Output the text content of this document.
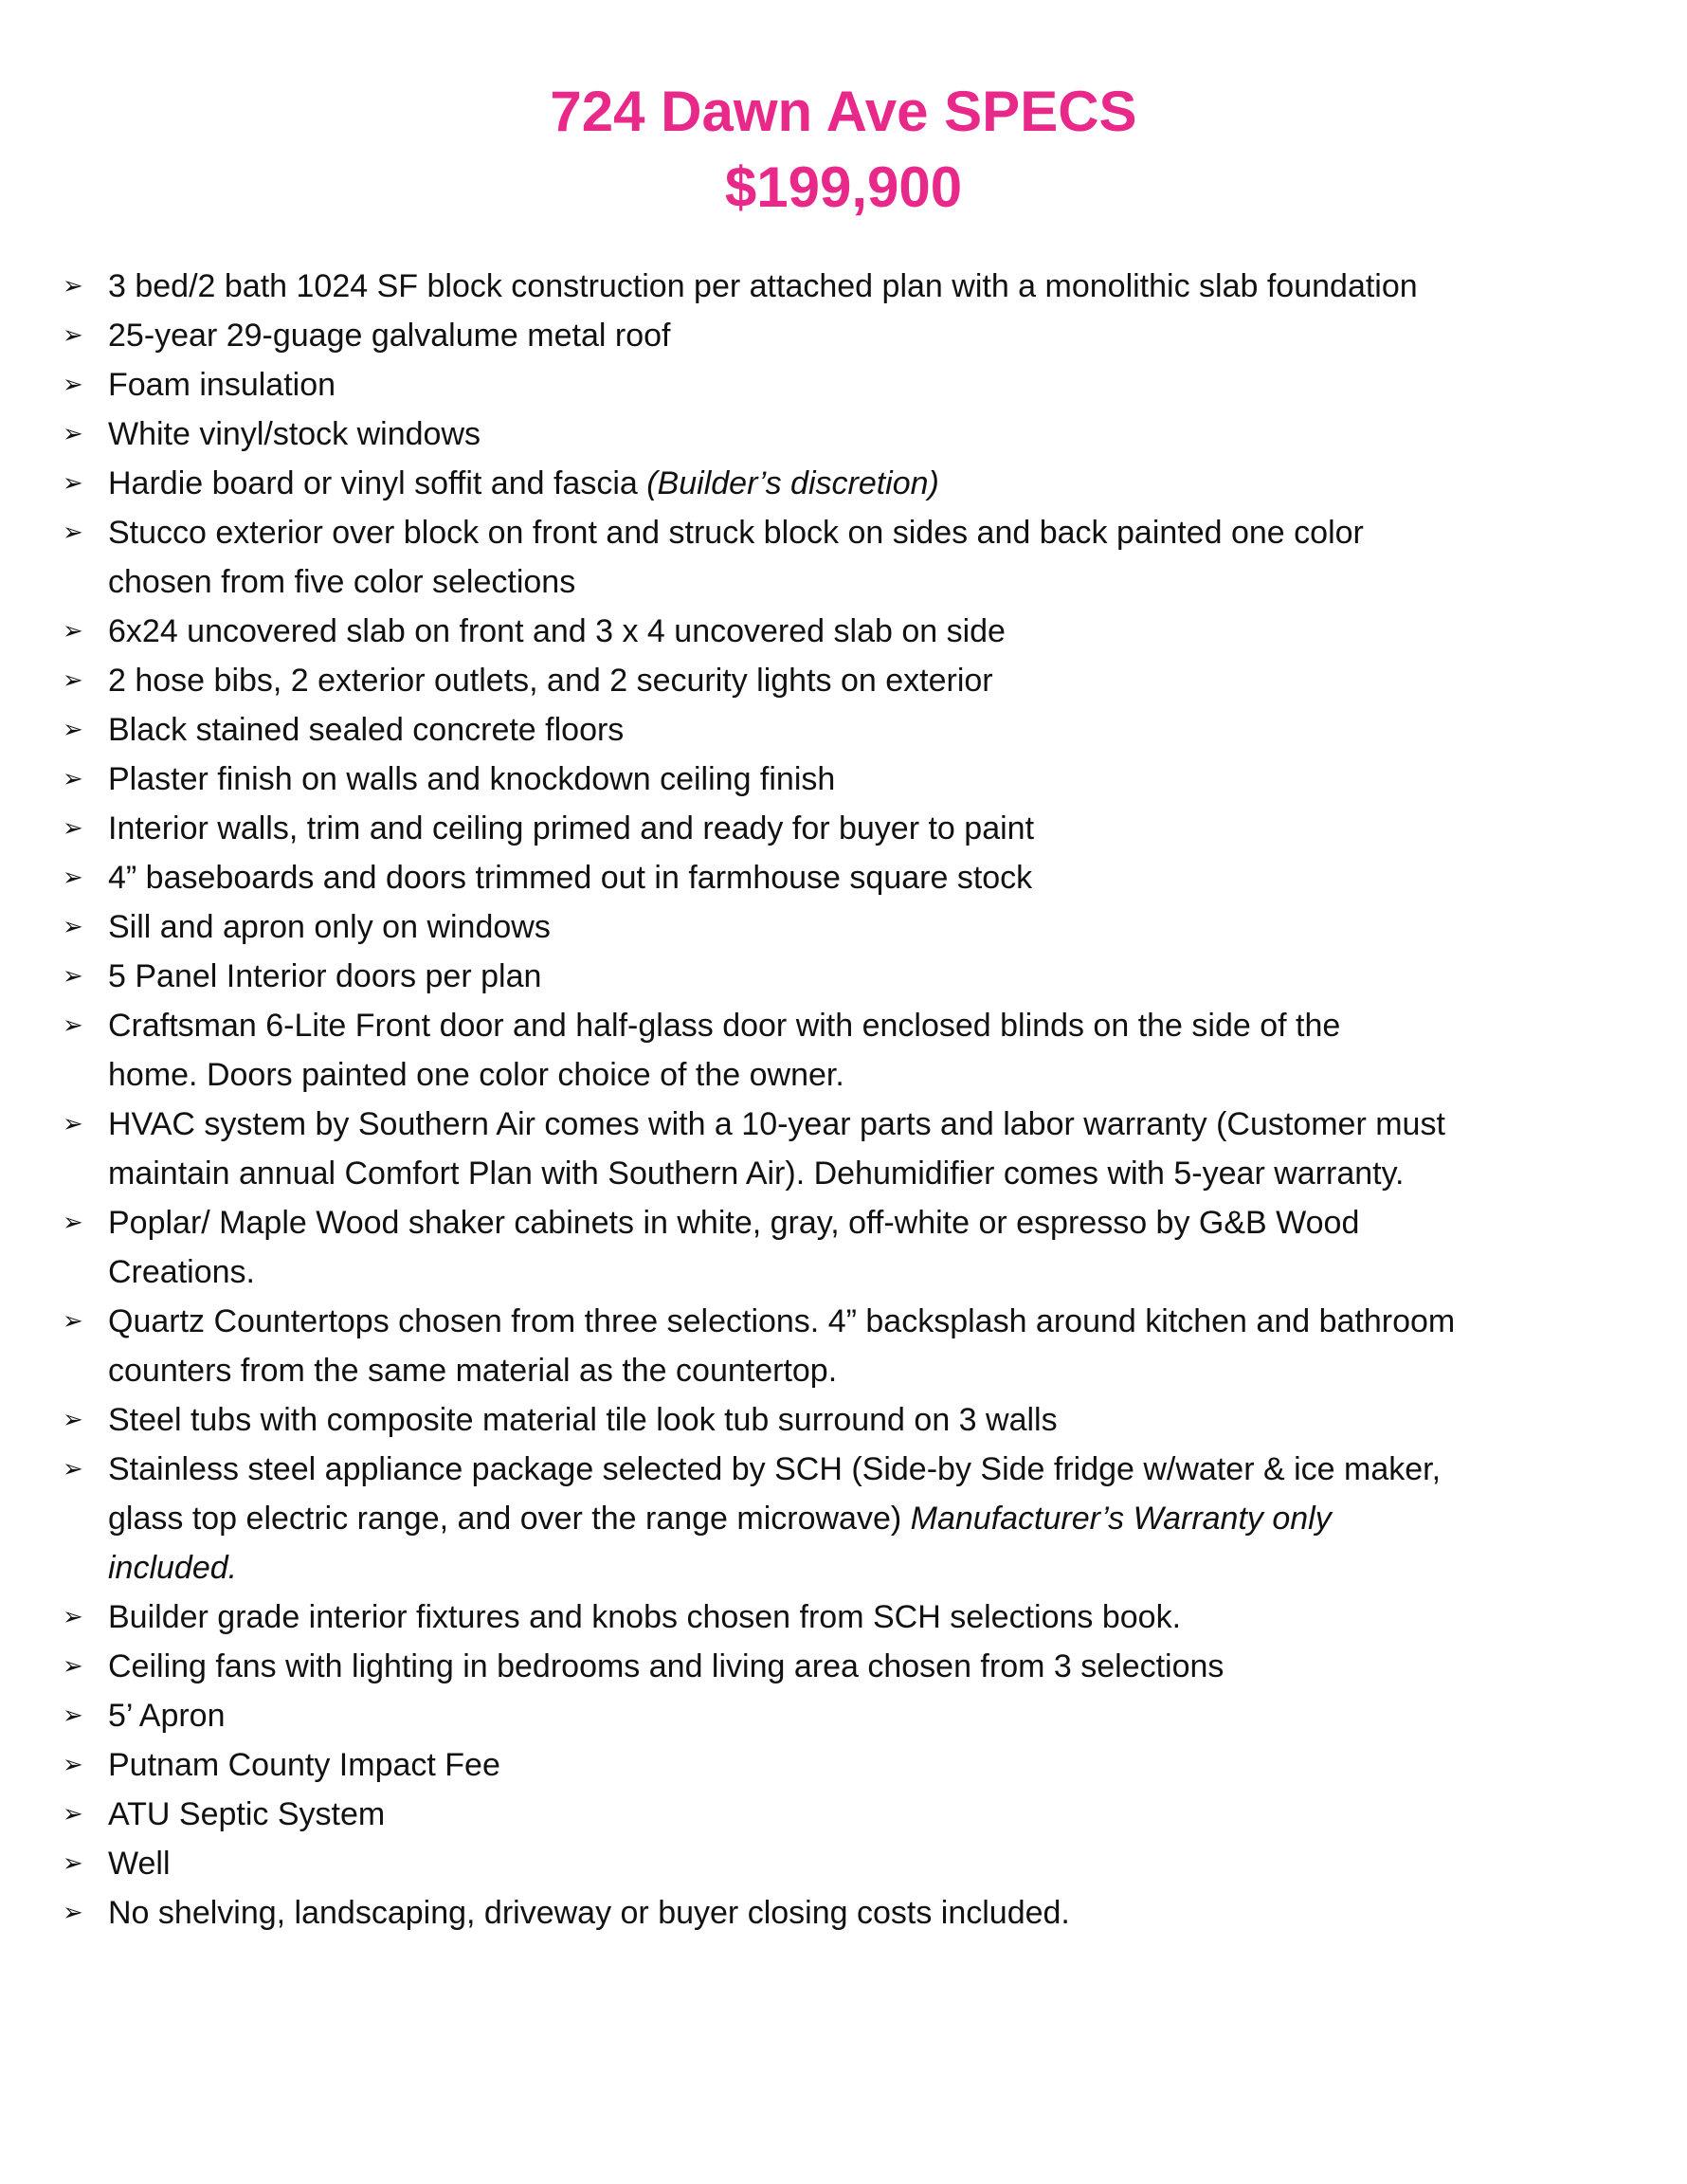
724 Dawn Ave SPECS
$199,900
➢ 3 bed/2 bath 1024 SF block construction per attached plan with a monolithic slab foundation
➢ 25-year 29-guage galvalume metal roof
➢ Foam insulation
➢ White vinyl/stock windows
➢ Hardie board or vinyl soffit and fascia (Builder’s discretion)
➢ Stucco exterior over block on front and struck block on sides and back painted one color
chosen from five color selections
➢ 6x24 uncovered slab on front and 3 x 4 uncovered slab on side
➢ 2 hose bibs, 2 exterior outlets, and 2 security lights on exterior
➢ Black stained sealed concrete floors
➢ Plaster finish on walls and knockdown ceiling finish
➢ Interior walls, trim and ceiling primed and ready for buyer to paint
➢ 4” baseboards and doors trimmed out in farmhouse square stock
➢ Sill and apron only on windows
➢ 5 Panel Interior doors per plan
➢ Craftsman 6-Lite Front door and half-glass door with enclosed blinds on the side of the
home. Doors painted one color choice of the owner.
➢ HVAC system by Southern Air comes with a 10-year parts and labor warranty (Customer must
maintain annual Comfort Plan with Southern Air). Dehumidifier comes with 5-year warranty.
➢ Poplar/ Maple Wood shaker cabinets in white, gray, off-white or espresso by G&B Wood
Creations.
➢ Quartz Countertops chosen from three selections. 4” backsplash around kitchen and bathroom
counters from the same material as the countertop.
➢ Steel tubs with composite material tile look tub surround on 3 walls
➢ Stainless steel appliance package selected by SCH (Side-by Side fridge w/water & ice maker,
glass top electric range, and over the range microwave) Manufacturer’s Warranty only
included.
➢ Builder grade interior fixtures and knobs chosen from SCH selections book.
➢ Ceiling fans with lighting in bedrooms and living area chosen from 3 selections
➢ 5’ Apron
➢ Putnam County Impact Fee
➢ ATU Septic System
➢ Well
➢ No shelving, landscaping, driveway or buyer closing costs included.
